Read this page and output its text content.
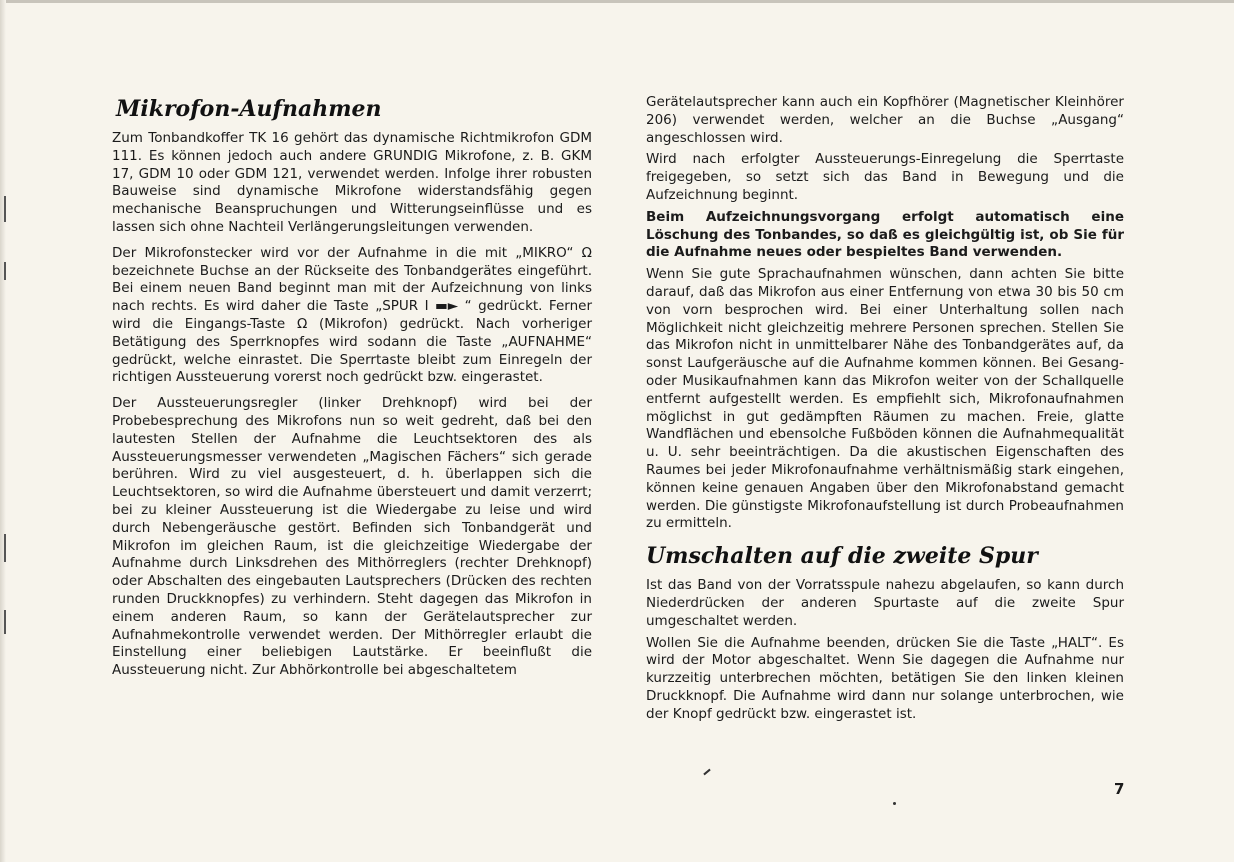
Mikrofon-Aufnahmen

Zum Tonbandkoffer TK 16 gehört das dynamische Richtmikrofon GDM 111. Es können jedoch auch andere GRUNDIG Mikrofone, z. B. GKM 17, GDM 10 oder GDM 121, verwendet werden. Infolge ihrer robusten Bauweise sind dynamische Mikrofone widerstandsfähig gegen mechanische Beanspruchungen und Witterungseinflüsse und es lassen sich ohne Nachteil Verlängerungsleitungen verwenden.

Der Mikrofonstecker wird vor der Aufnahme in die mit „MIKRO“ Ω bezeichnete Buchse an der Rückseite des Tonbandgerätes eingeführt. Bei einem neuen Band beginnt man mit der Aufzeichnung von links nach rechts. Es wird daher die Taste „SPUR I ▬► “ gedrückt. Ferner wird die Eingangs-Taste Ω (Mikrofon) gedrückt. Nach vorheriger Betätigung des Sperrknopfes wird sodann die Taste „AUFNAHME“ gedrückt, welche einrastet. Die Sperrtaste bleibt zum Einregeln der richtigen Aussteuerung vorerst noch gedrückt bzw. eingerastet.

Der Aussteuerungsregler (linker Drehknopf) wird bei der Probebesprechung des Mikrofons nun so weit gedreht, daß bei den lautesten Stellen der Aufnahme die Leuchtsektoren des als Aussteuerungsmesser verwendeten „Magischen Fächers“ sich gerade berühren. Wird zu viel ausgesteuert, d. h. überlappen sich die Leuchtsektoren, so wird die Aufnahme übersteuert und damit verzerrt; bei zu kleiner Aussteuerung ist die Wiedergabe zu leise und wird durch Nebengeräusche gestört. Befinden sich Tonbandgerät und Mikrofon im gleichen Raum, ist die gleichzeitige Wiedergabe der Aufnahme durch Linksdrehen des Mithörreglers (rechter Drehknopf) oder Abschalten des eingebauten Lautsprechers (Drücken des rechten runden Druckknopfes) zu verhindern. Steht dagegen das Mikrofon in einem anderen Raum, so kann der Gerätelautsprecher zur Aufnahmekontrolle verwendet werden. Der Mithörregler erlaubt die Einstellung einer beliebigen Lautstärke. Er beeinflußt die Aussteuerung nicht. Zur Abhörkontrolle bei abgeschaltetem

Gerätelautsprecher kann auch ein Kopfhörer (Magnetischer Kleinhörer 206) verwendet werden, welcher an die Buchse „Ausgang“ angeschlossen wird.

Wird nach erfolgter Aussteuerungs-Einregelung die Sperrtaste freigegeben, so setzt sich das Band in Bewegung und die Aufzeichnung beginnt.

Beim Aufzeichnungsvorgang erfolgt automatisch eine Löschung des Tonbandes, so daß es gleichgültig ist, ob Sie für die Aufnahme neues oder bespieltes Band verwenden.

Wenn Sie gute Sprachaufnahmen wünschen, dann achten Sie bitte darauf, daß das Mikrofon aus einer Entfernung von etwa 30 bis 50 cm von vorn besprochen wird. Bei einer Unterhaltung sollen nach Möglichkeit nicht gleichzeitig mehrere Personen sprechen. Stellen Sie das Mikrofon nicht in unmittelbarer Nähe des Tonbandgerätes auf, da sonst Laufgeräusche auf die Aufnahme kommen können. Bei Gesang- oder Musikaufnahmen kann das Mikrofon weiter von der Schallquelle entfernt aufgestellt werden. Es empfiehlt sich, Mikrofonaufnahmen möglichst in gut gedämpften Räumen zu machen. Freie, glatte Wandflächen und ebensolche Fußböden können die Aufnahmequalität u. U. sehr beeinträchtigen. Da die akustischen Eigenschaften des Raumes bei jeder Mikrofonaufnahme verhältnismäßig stark eingehen, können keine genauen Angaben über den Mikrofonabstand gemacht werden. Die günstigste Mikrofonaufstellung ist durch Probeaufnahmen zu ermitteln.

Umschalten auf die zweite Spur

Ist das Band von der Vorratsspule nahezu abgelaufen, so kann durch Niederdrücken der anderen Spurtaste auf die zweite Spur umgeschaltet werden.

Wollen Sie die Aufnahme beenden, drücken Sie die Taste „HALT“. Es wird der Motor abgeschaltet. Wenn Sie dagegen die Aufnahme nur kurzzeitig unterbrechen möchten, betätigen Sie den linken kleinen Druckknopf. Die Aufnahme wird dann nur solange unterbrochen, wie der Knopf gedrückt bzw. eingerastet ist.

7
